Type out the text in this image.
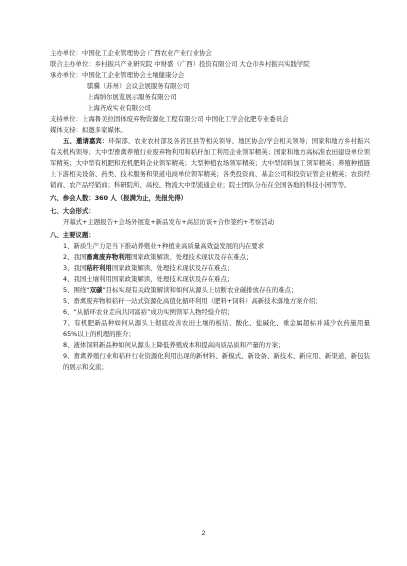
主办单位： 中国化工企业管理协会 广西农业产业行业协会
联合主办单位： 乡村振兴产业研究院 中财盛（广西）投资有限公司 大仓市乡村振兴实践学院
承办单位： 中国化工企业管理协会土壤健康分会
骐骥（苏州）会议会展服务有限公司
上海纳尔展览展示服务有限公司
上海齐成实业有限公司
支持单位： 上海鲁美拉固体废弃物资源化工程有限公司 中国化工学会化肥专业委员会
媒体支持： 拟邀多家媒体。
五、邀请嘉宾：环保部、农业农村部及各省区县等相关领导、地区协会/学会相关领导；国家和地方乡村振兴有关机构领导；大中型畜禽养殖行业废弃物利用和秸秆加工利用企业领军精英；国家和地方高标准农田建设单位领军精英；大中型有机肥和充机肥料企业领军精英；大型种植农场领军精英；大中型饲料加工领军精英；养殖种植链上下游相关设备、药类、技术服务和渠道电商单位领军精英；各类投资商、基金公司和投资证管企业精英；农资经销商、农产品经销商；科研院所、高校、物流大中型流通企业；院士团队分布在全国各地的科技小园等等。
六、参会人数：360 人（报满为止，先报先得）
七、大会形式：
开幕式+主题报告+会场外展览+新品发布+高层访谈+合作签约+考察活动
八、主要议题：
1、新质生产力是当下推动养殖业+种植业高质量高效益发展的内在要求
2、我国畜禽废弃物利用国家政策解读、处理技术现状及存在难点；
3、我国秸秆利用国家政策解读、处理技术现状及存在难点；
4、我国土壤利用国家政策解读、处理技术现状及存在难点；
5、围绕“双碳”目标实现有关政策解读和如何从源头上切断农业碳排放存在的难点；
5、畜禽废弃物和秸秆一站式资源化高值化循环利用（肥料+饲料）高新技术落地方案介绍；
6、“从循环农业走向共同富裕”成功实例领军人物经验介绍；
7、有机肥新品种如何从源头上彻底改善农田土壤的板结、酸化、盐碱化、重金属超标并减少农药施用量 65%以上的机理的推介；
8、液体饲料新品种如何从源头上降低养殖成本和提高肉质品质和产量的方案；
9、畜禽养殖行业和秸秆行业资源化利用出现的新材料、新模式、新设备、新技术、新应用、新渠道、新包装的展示和交流；
2
